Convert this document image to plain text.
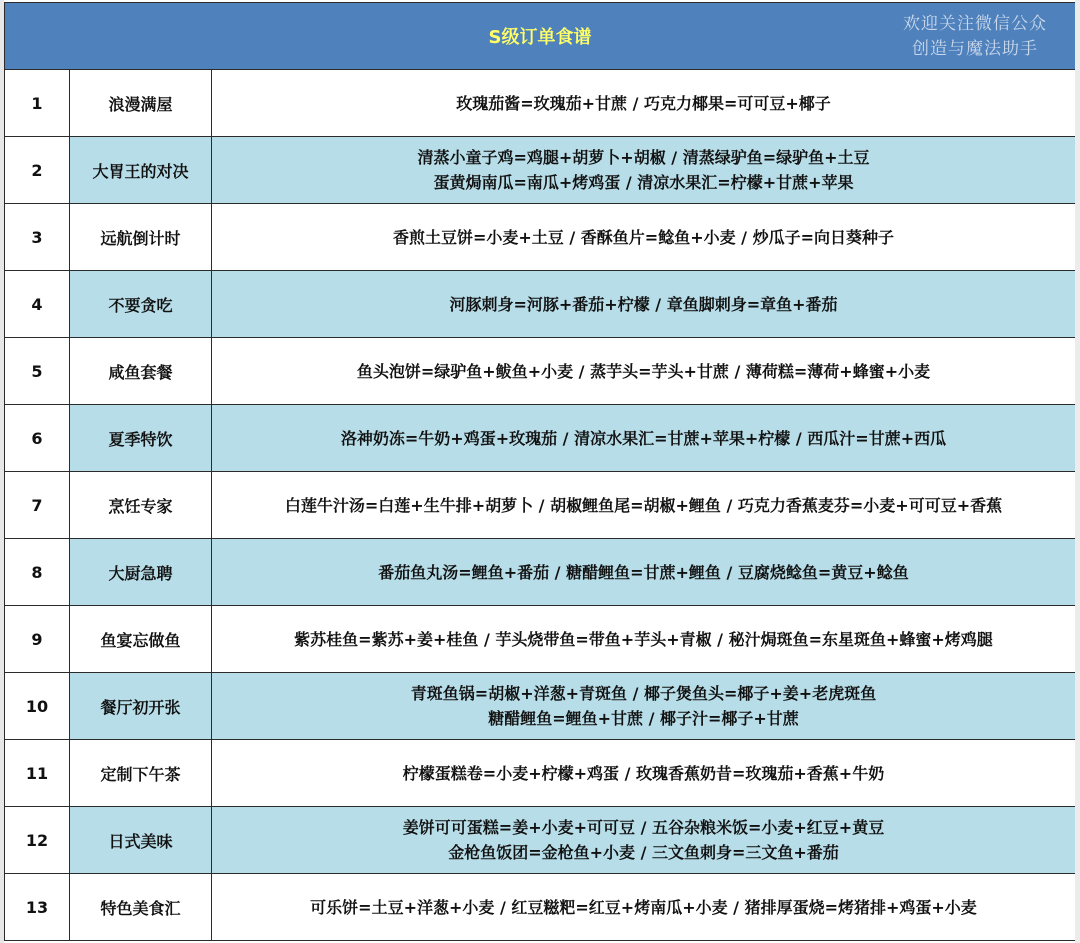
S级订单食谱
欢迎关注微信公众
创造与魔法助手		

1	浪漫满屋	玫瑰茄酱=玫瑰茄+甘蔗 / 巧克力椰果=可可豆+椰子

2	大胃王的对决	清蒸小童子鸡=鸡腿+胡萝卜+胡椒 / 清蒸绿驴鱼=绿驴鱼+土豆
蛋黄焗南瓜=南瓜+烤鸡蛋 / 清凉水果汇=柠檬+甘蔗+苹果

3	远航倒计时	香煎土豆饼=小麦+土豆 / 香酥鱼片=鲶鱼+小麦 / 炒瓜子=向日葵种子

4	不要贪吃	河豚刺身=河豚+番茄+柠檬 / 章鱼脚刺身=章鱼+番茄

5	咸鱼套餐	鱼头泡饼=绿驴鱼+鲅鱼+小麦 / 蒸芋头=芋头+甘蔗 / 薄荷糕=薄荷+蜂蜜+小麦

6	夏季特饮	洛神奶冻=牛奶+鸡蛋+玫瑰茄 / 清凉水果汇=甘蔗+苹果+柠檬 / 西瓜汁=甘蔗+西瓜

7	烹饪专家	白莲牛汁汤=白莲+生牛排+胡萝卜 / 胡椒鲤鱼尾=胡椒+鲤鱼 / 巧克力香蕉麦芬=小麦+可可豆+香蕉

8	大厨急聘	番茄鱼丸汤=鲤鱼+番茄 / 糖醋鲤鱼=甘蔗+鲤鱼 / 豆腐烧鲶鱼=黄豆+鲶鱼

9	鱼宴忘做鱼	紫苏桂鱼=紫苏+姜+桂鱼 / 芋头烧带鱼=带鱼+芋头+青椒 / 秘汁焗斑鱼=东星斑鱼+蜂蜜+烤鸡腿

10	餐厅初开张	青斑鱼锅=胡椒+洋葱+青斑鱼 / 椰子煲鱼头=椰子+姜+老虎斑鱼
糖醋鲤鱼=鲤鱼+甘蔗 / 椰子汁=椰子+甘蔗

11	定制下午茶	柠檬蛋糕卷=小麦+柠檬+鸡蛋 / 玫瑰香蕉奶昔=玫瑰茄+香蕉+牛奶

12	日式美味	姜饼可可蛋糕=姜+小麦+可可豆 / 五谷杂粮米饭=小麦+红豆+黄豆
金枪鱼饭团=金枪鱼+小麦 / 三文鱼刺身=三文鱼+番茄

13	特色美食汇	可乐饼=土豆+洋葱+小麦 / 红豆糍粑=红豆+烤南瓜+小麦 / 猪排厚蛋烧=烤猪排+鸡蛋+小麦
